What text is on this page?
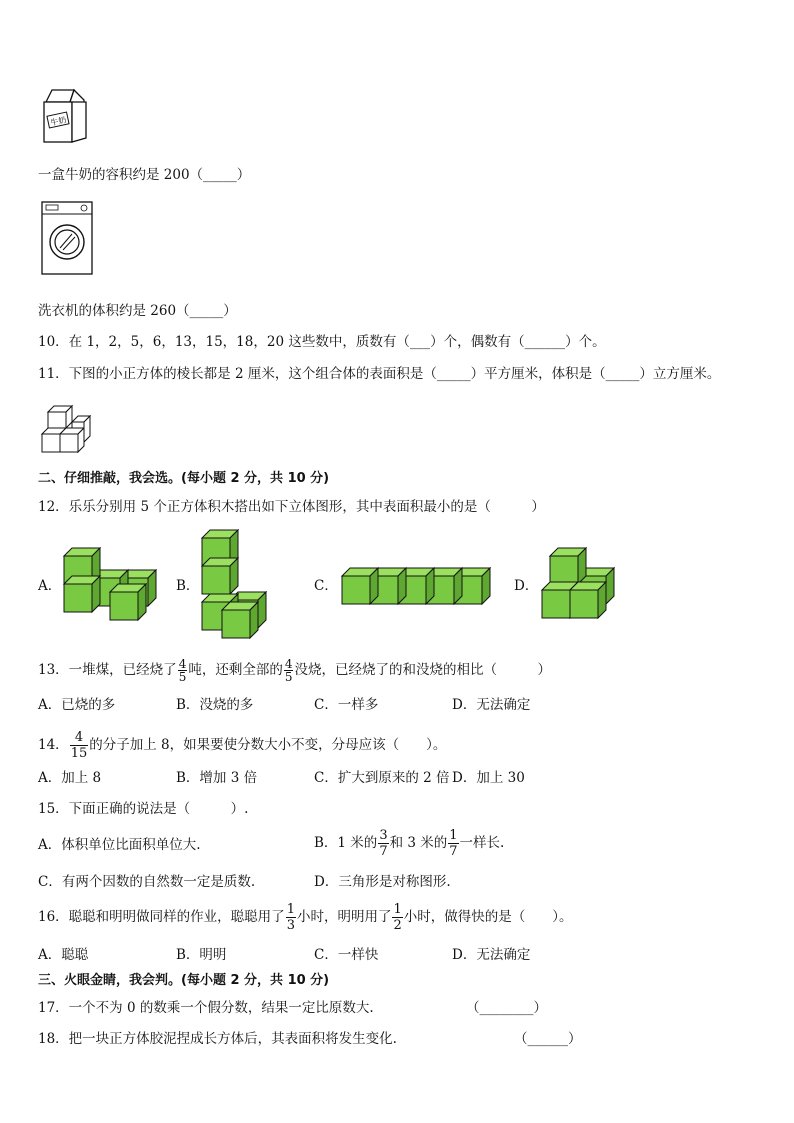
牛奶
一盒牛奶的容积约是 200（_____）
洗衣机的体积约是 260（_____）
10．在 1，2，5，6，13，15，18，20 这些数中，质数有（___）个，偶数有（______）个。
11．下图的小正方体的棱长都是 2 厘米，这个组合体的表面积是（_____）平方厘米，体积是（_____）立方厘米。
二、仔细推敲，我会选。(每小题 2 分，共 10 分)
12．乐乐分别用 5 个正方体积木搭出如下立体图形，其中表面积最小的是（　　　）
A．	B．	C．	D．
13．一堆煤，已经烧了 $\frac{4}{5}$ 吨，还剩全部的 $\frac{4}{5}$ 没烧，已经烧了的和没烧的相比（　　　）
A．已烧的多	B．没烧的多	C．一样多	D．无法确定
14． $\frac{4}{15}$ 的分子加上 8，如果要使分数大小不变，分母应该（　　）。
A．加上 8	B．增加 3 倍	C．扩大到原来的 2 倍 D．加上 30
15．下面正确的说法是（　　　）.
A．体积单位比面积单位大.	B．1 米的 $\frac{3}{7}$ 和 3 米的 $\frac{1}{7}$ 一样长.
C．有两个因数的自然数一定是质数.	D．三角形是对称图形.
16．聪聪和明明做同样的作业，聪聪用了 $\frac{1}{3}$ 小时，明明用了 $\frac{1}{2}$ 小时，做得快的是（　　）。
A．聪聪	B．明明	C．一样快	D．无法确定
三、火眼金睛，我会判。(每小题 2 分，共 10 分)
17．一个不为 0 的数乘一个假分数，结果一定比原数大.	（________）
18．把一块正方体胶泥捏成长方体后，其表面积将发生变化.	（______）
